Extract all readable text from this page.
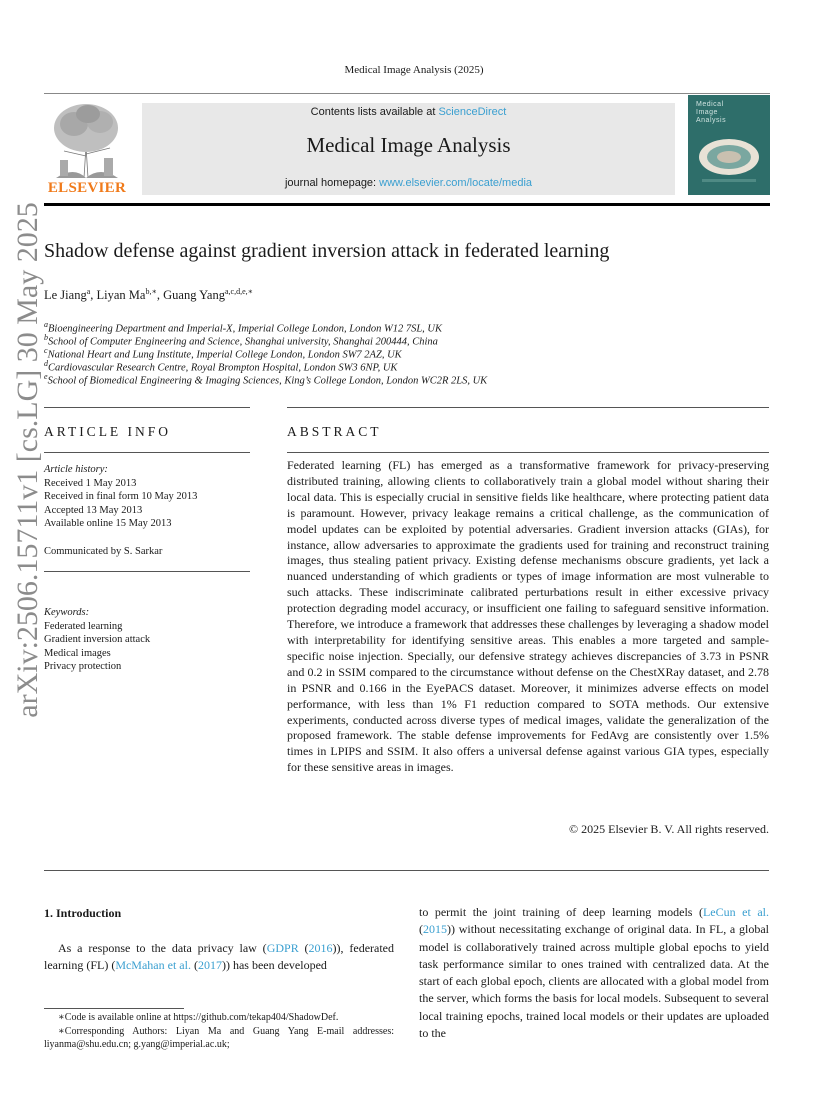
Medical Image Analysis (2025)
ELSEVIER
Contents lists available at ScienceDirect
Medical Image Analysis
journal homepage: www.elsevier.com/locate/media
Medical
Image
Analysis
Shadow defense against gradient inversion attack in federated learning
Le Jiang$^a$, Liyan $Ma^{b,∗}$, Guang Yang$^{a,c,d,e,∗}$
$^a$Bioengineering Department and Imperial-X, Imperial College London, London W12 7SL, UK
$^b$School of Computer Engineering and Science, Shanghai university, Shanghai 200444, China
$^c$National Heart and Lung Institute, Imperial College London, London SW7 2AZ, UK
$^d$Cardiovascular Research Centre, Royal Brompton Hospital, London SW3 6NP, UK
$^e$School of Biomedical Engineering & Imaging Sciences, King’s College London, London WC2R 2LS, UK
arXiv:2506.15711v1 [cs.LG] 30 May 2025 ARTICLE INFO
Article history:
Received 1 May 2013
Received in final form 10 May 2013
Accepted 13 May 2013
Available online 15 May 2013
Communicated by S. Sarkar
Keywords:
Federated learning
Gradient inversion attack
Medical images
Privacy protection
ABSTRACT
Federated learning (FL) has emerged as a transformative framework for privacy-preserving distributed training, allowing clients to collaboratively train a global model without sharing their local data. This is especially crucial in sensitive fields like healthcare, where protecting patient data is paramount. However, privacy leakage remains a critical challenge, as the communication of model updates can be exploited by potential adversaries. Gradient inversion attacks (GIAs), for instance, allow adversaries to approximate the gradients used for training and reconstruct training images, thus stealing patient privacy. Existing defense mechanisms obscure gradients, yet lack a nuanced understanding of which gradients or types of image information are most vulnerable to such attacks. These indiscriminate calibrated perturbations result in either excessive privacy protection degrading model accuracy, or insufficient one failing to safeguard sensitive information. Therefore, we introduce a framework that addresses these challenges by leveraging a shadow model with interpretability for identifying sensitive areas. This enables a more targeted and sample-specific noise injection. Specially, our defensive strategy achieves discrepancies of 3.73 in PSNR and 0.2 in SSIM compared to the circumstance without defense on the ChestXRay dataset, and 2.78 in PSNR and 0.166 in the EyePACS dataset. Moreover, it minimizes adverse effects on model performance, with less than 1% F1 reduction compared to SOTA methods. Our extensive experiments, conducted across diverse types of medical images, validate the generalization of the proposed framework. The stable defense improvements for FedAvg are consistently over 1.5% times in LPIPS and SSIM. It also offers a universal defense against various GIA types, especially for these sensitive areas in images.
© 2025 Elsevier B. V. All rights reserved.
1. Introduction
As a response to the data privacy law (GDPR (2016)), federated learning (FL) (McMahan et al. (2017)) has been developed
∗Code is available online at https://github.com/tekap404/ShadowDef.
∗Corresponding Authors: Liyan Ma and Guang Yang E-mail addresses: liyanma@shu.edu.cn; g.yang@imperial.ac.uk;
to permit the joint training of deep learning models (LeCun et al. (2015)) without necessitating exchange of original data. In FL, a global model is collaboratively trained across multiple global epochs to yield task performance similar to ones trained with centralized data. At the start of each global epoch, clients are allocated with a global model from the server, which forms the basis for local models. Subsequent to several local training epochs, trained local models or their updates are uploaded to the
